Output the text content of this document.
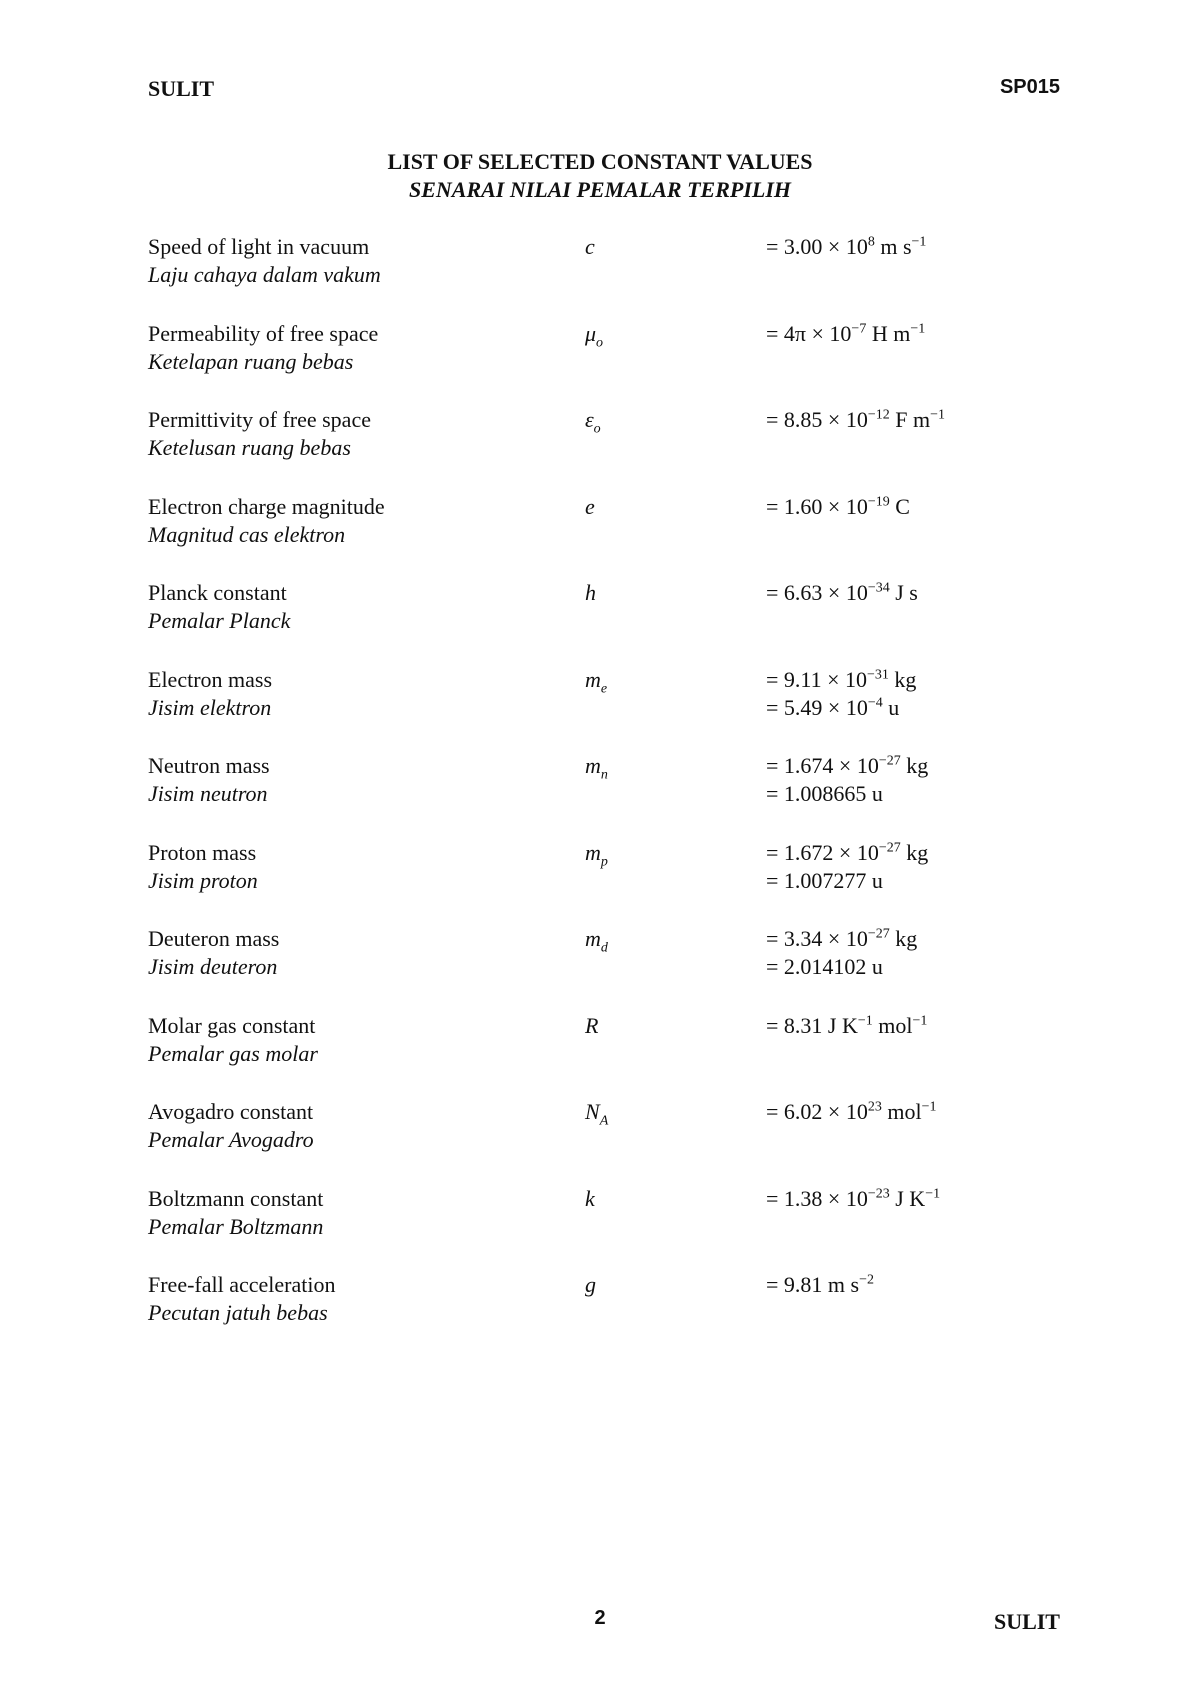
SULIT	SP015
LIST OF SELECTED CONSTANT VALUES
SENARAI NILAI PEMALAR TERPILIH
Speed of light in vacuum
Laju cahaya dalam vakum
c	= $3.00 \times 10^8$ m $s^{-1}$
Permeability of free space
Ketelapan ruang bebas
$\mu_o$	= $4\pi \times 10^{-7}$ H $m^{-1}$
Permittivity of free space
Ketelusan ruang bebas
$\varepsilon_o$	= $8.85 \times 10^{-12}$ F $m^{-1}$
Electron charge magnitude
Magnitud cas elektron
e	= $1.60 \times 10^{-19}$ C
Planck constant
Pemalar Planck
h	= $6.63 \times 10^{-34}$ J s
Electron mass
Jisim elektron
$m_e$	= $9.11 \times 10^{-31}$ kg
= $5.49 \times 10^{-4}$ u
Neutron mass
Jisim neutron
$m_n$	= $1.674 \times 10^{-27}$ kg
= 1.008665 u
Proton mass
Jisim proton
$m_p$	= $1.672 \times 10^{-27}$ kg
= 1.007277 u
Deuteron mass
Jisim deuteron
$m_d$	= $3.34 \times 10^{-27}$ kg
= 2.014102 u
Molar gas constant
Pemalar gas molar
R	= 8.31 J $K^{-1}$ mol$^{-1}$
Avogadro constant
Pemalar Avogadro
$N_A$	= $6.02 \times 10^{23}$ mol$^{-1}$
Boltzmann constant
Pemalar Boltzmann
k	= $1.38 \times 10^{-23}$ J $K^{-1}$
Free-fall acceleration
Pecutan jatuh bebas
g	= 9.81 m $s^{-2}$
2	SULIT
